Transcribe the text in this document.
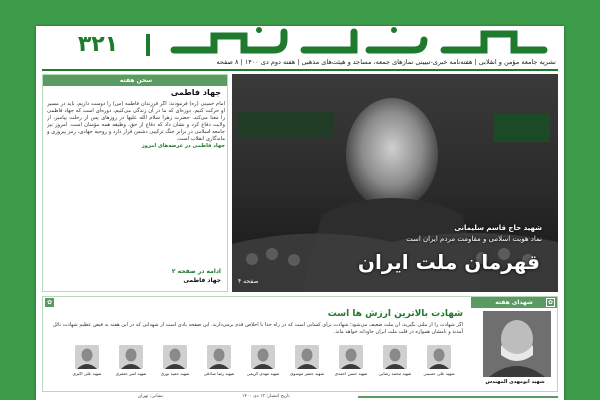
۳۲۱
نشریه جامعه مؤمن و انقلابی | هفته‌نامه خبری-تبیینی نمازهای جمعه، مساجد و هیئت‌های مذهبی | هفته دوم دی ۱۴۰۰ | ۸ صفحه
سخن هفته
جهاد فاطمی
امام خمینی (ره) فرمودند: اگر فرزندان فاطمه (س) را دوست داریم، باید در مسیر او حرکت کنیم. دوره‌ای که ما در آن زندگی می‌کنیم، دوره‌ای است که جهاد فاطمی را معنا می‌کند. حضرت زهرا سلام الله علیها در روزهای پس از رحلت پیامبر، از ولایت دفاع کرد و نشان داد که دفاع از حق، وظیفه همه مؤمنان است. امروز نیز جامعه اسلامی در برابر جنگ ترکیبی دشمن قرار دارد و روحیه جهادی، رمز پیروزی و ماندگاری انقلاب است.
جهاد فاطمی در عرصه‌های امروز
ادامه در صفحه ۲
جهاد فاطمی
شهید حاج قاسم سلیمانی
نماد هویت اسلامی و مقاومت مردم ایران است
قهرمان ملت ایران
صفحه ۴
شهدای هفته	✿
✿
شهادت بالاترین ارزش ها است
اگر شهادت را از ملتی بگیرید، آن ملت ضعیف می‌شود؛ شهادت برای کسانی است که در راه خدا با اخلاص قدم برمی‌دارند. این صفحه یادی است از شهدایی که در این هفته به فیض عظیم شهادت نائل آمدند و نامشان همواره در قلب ملت ایران جاودانه خواهد ماند.
شهید ابومهدی المهندس
شهید علی حسینی
شهید محمد رضایی
شهید حسن احمدی
شهید جعفر موسوی
شهید مهدی کریمی
شهید رضا صادقی
شهید حمید نوری
شهید امیر جعفری
شهید علی اکبری
نشانی: تهران	تاریخ انتشار: ۱۳ دی ۱۴۰۰
